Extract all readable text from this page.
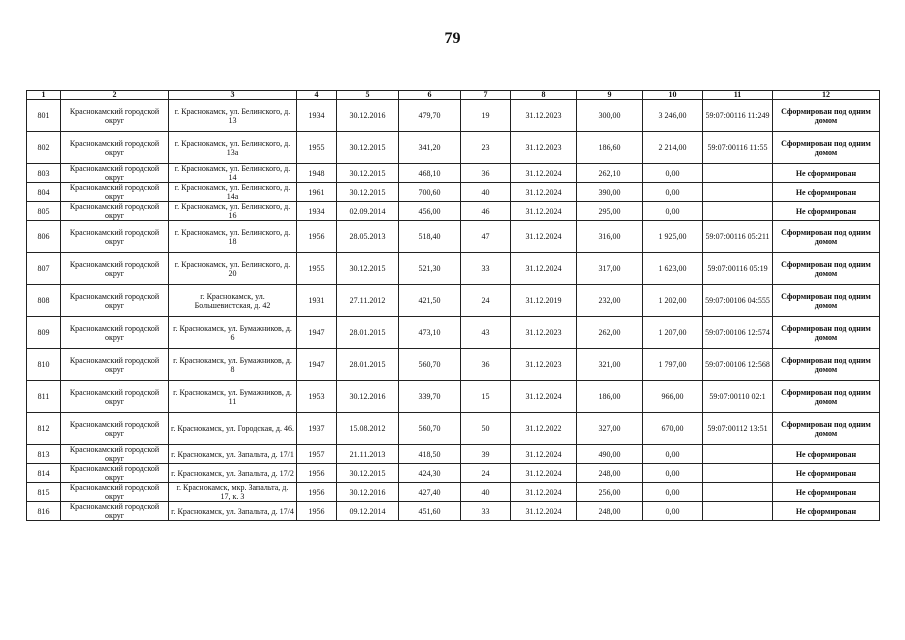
79
1	2	3	4	5	6	7	8	9	10	11	12
801	Краснокамский городской округ	г. Краснокамск, ул. Белинского, д. 13	1934	30.12.2016	479,70	19	31.12.2023	300,00	3 246,00	59:07:00116 11:249	Сформирован под одним домом
802	Краснокамский городской округ	г. Краснокамск, ул. Белинского, д. 13а	1955	30.12.2015	341,20	23	31.12.2023	186,60	2 214,00	59:07:00116 11:55	Сформирован под одним домом
803	Краснокамский городской округ	г. Краснокамск, ул. Белинского, д. 14	1948	30.12.2015	468,10	36	31.12.2024	262,10	0,00		Не сформирован
804	Краснокамский городской округ	г. Краснокамск, ул. Белинского, д. 14а	1961	30.12.2015	700,60	40	31.12.2024	390,00	0,00		Не сформирован
805	Краснокамский городской округ	г. Краснокамск, ул. Белинского, д. 16	1934	02.09.2014	456,00	46	31.12.2024	295,00	0,00		Не сформирован
806	Краснокамский городской округ	г. Краснокамск, ул. Белинского, д. 18	1956	28.05.2013	518,40	47	31.12.2024	316,00	1 925,00	59:07:00116 05:211	Сформирован под одним домом
807	Краснокамский городской округ	г. Краснокамск, ул. Белинского, д. 20	1955	30.12.2015	521,30	33	31.12.2024	317,00	1 623,00	59:07:00116 05:19	Сформирован под одним домом
808	Краснокамский городской округ	г. Краснокамск, ул. Большевистская, д. 42	1931	27.11.2012	421,50	24	31.12.2019	232,00	1 202,00	59:07:00106 04:555	Сформирован под одним домом
809	Краснокамский городской округ	г. Краснокамск, ул. Бумажников, д. 6	1947	28.01.2015	473,10	43	31.12.2023	262,00	1 207,00	59:07:00106 12:574	Сформирован под одним домом
810	Краснокамский городской округ	г. Краснокамск, ул. Бумажников, д. 8	1947	28.01.2015	560,70	36	31.12.2023	321,00	1 797,00	59:07:00106 12:568	Сформирован под одним домом
811	Краснокамский городской округ	г. Краснокамск, ул. Бумажников, д. 11	1953	30.12.2016	339,70	15	31.12.2024	186,00	966,00	59:07:00110 02:1	Сформирован под одним домом
812	Краснокамский городской округ	г. Краснокамск, ул. Городская, д. 46.	1937	15.08.2012	560,70	50	31.12.2022	327,00	670,00	59:07:00112 13:51	Сформирован под одним домом
813	Краснокамский городской округ	г. Краснокамск, ул. Запальта, д. 17/1	1957	21.11.2013	418,50	39	31.12.2024	490,00	0,00		Не сформирован
814	Краснокамский городской округ	г. Краснокамск, ул. Запальта, д. 17/2	1956	30.12.2015	424,30	24	31.12.2024	248,00	0,00		Не сформирован
815	Краснокамский городской округ	г. Краснокамск, мкр. Запальта, д. 17, к. 3	1956	30.12.2016	427,40	40	31.12.2024	256,00	0,00		Не сформирован
816	Краснокамский городской округ	г. Краснокамск, ул. Запальта, д. 17/4	1956	09.12.2014	451,60	33	31.12.2024	248,00	0,00		Не сформирован
